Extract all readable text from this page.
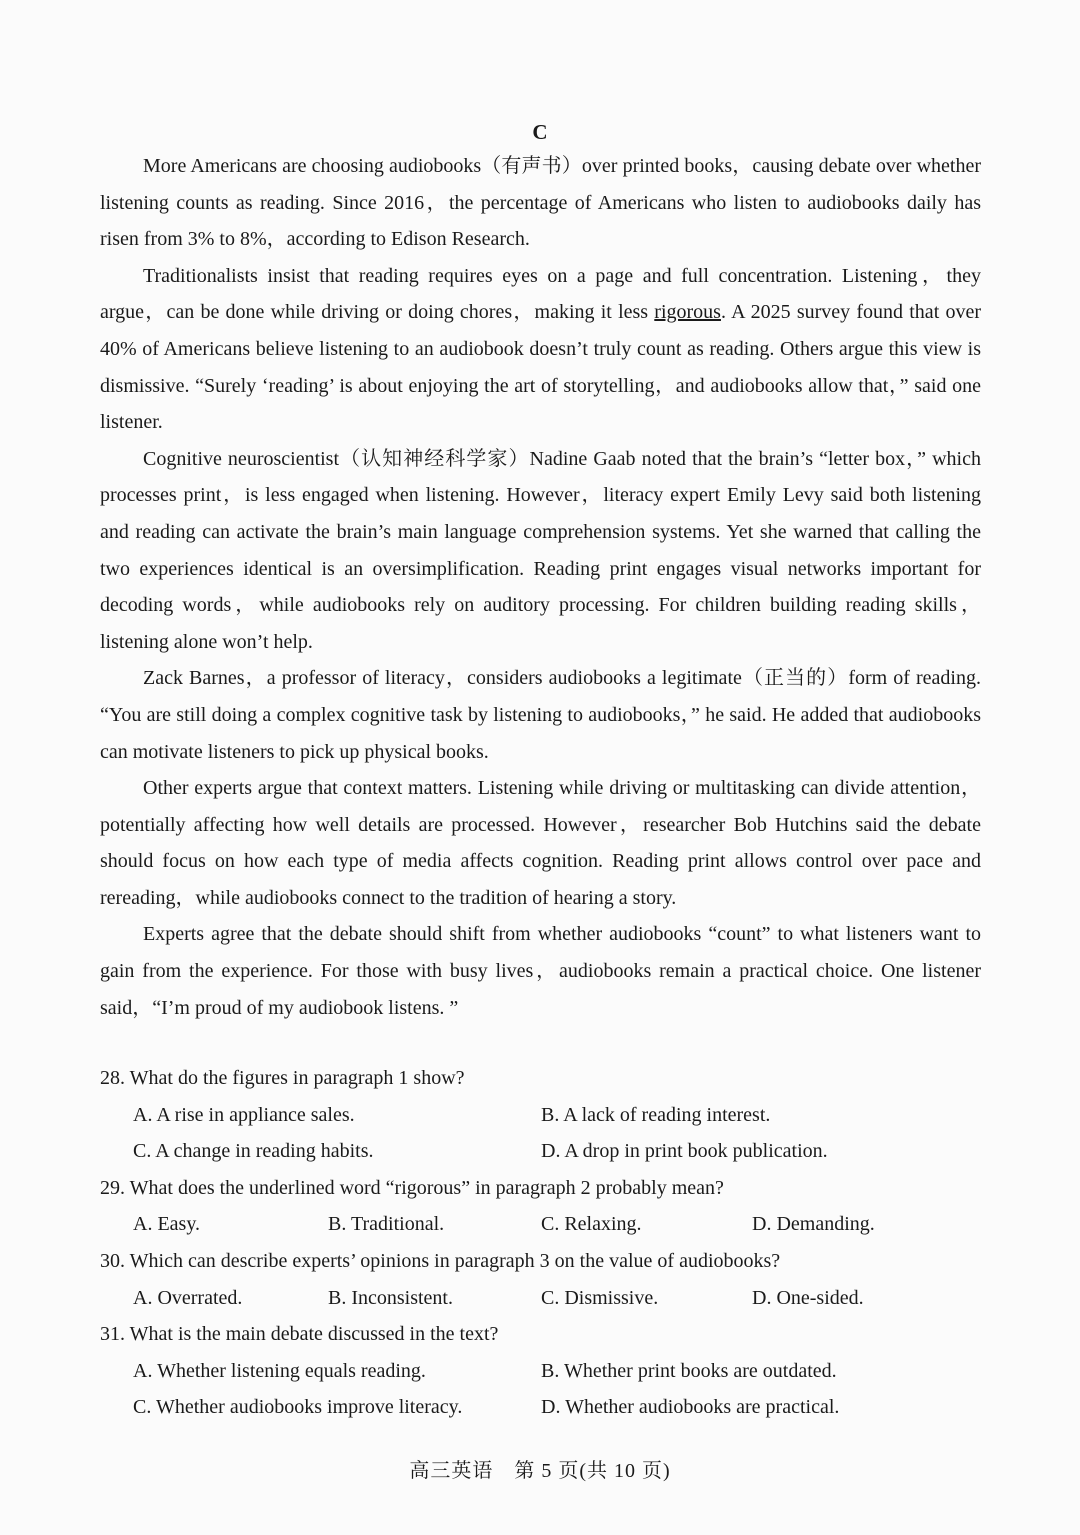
C

More Americans are choosing audiobooks（有声书）over printed books，causing debate over whether listening counts as reading. Since 2016，the percentage of Americans who listen to audiobooks daily has risen from 3% to 8%，according to Edison Research.

Traditionalists insist that reading requires eyes on a page and full concentration. Listening，they argue，can be done while driving or doing chores，making it less rigorous. A 2025 survey found that over 40% of Americans believe listening to an audiobook doesn’t truly count as reading. Others argue this view is dismissive. “Surely ‘reading’ is about enjoying the art of storytelling，and audiobooks allow that，” said one listener.

Cognitive neuroscientist（认知神经科学家）Nadine Gaab noted that the brain’s “letter box，” which processes print，is less engaged when listening. However，literacy expert Emily Levy said both listening and reading can activate the brain’s main language comprehension systems. Yet she warned that calling the two experiences identical is an oversimplification. Reading print engages visual networks important for decoding words，while audiobooks rely on auditory processing. For children building reading skills，listening alone won’t help.

Zack Barnes，a professor of literacy，considers audiobooks a legitimate（正当的）form of reading. “You are still doing a complex cognitive task by listening to audiobooks，” he said. He added that audiobooks can motivate listeners to pick up physical books.

Other experts argue that context matters. Listening while driving or multitasking can divide attention，potentially affecting how well details are processed. However，researcher Bob Hutchins said the debate should focus on how each type of media affects cognition. Reading print allows control over pace and rereading，while audiobooks connect to the tradition of hearing a story.

Experts agree that the debate should shift from whether audiobooks “count” to what listeners want to gain from the experience. For those with busy lives，audiobooks remain a practical choice. One listener said，“I’m proud of my audiobook listens. ”

28. What do the figures in paragraph 1 show?

A. A rise in appliance sales.	B. A lack of reading interest.
C. A change in reading habits.	D. A drop in print book publication.

29. What does the underlined word “rigorous” in paragraph 2 probably mean?

A. Easy.	B. Traditional.	C. Relaxing.	D. Demanding.

30. Which can describe experts’ opinions in paragraph 3 on the value of audiobooks?

A. Overrated.	B. Inconsistent.	C. Dismissive.	D. One-sided.

31. What is the main debate discussed in the text?

A. Whether listening equals reading.	B. Whether print books are outdated.
C. Whether audiobooks improve literacy.	D. Whether audiobooks are practical.
高三英语　第 5 页(共 10 页)
